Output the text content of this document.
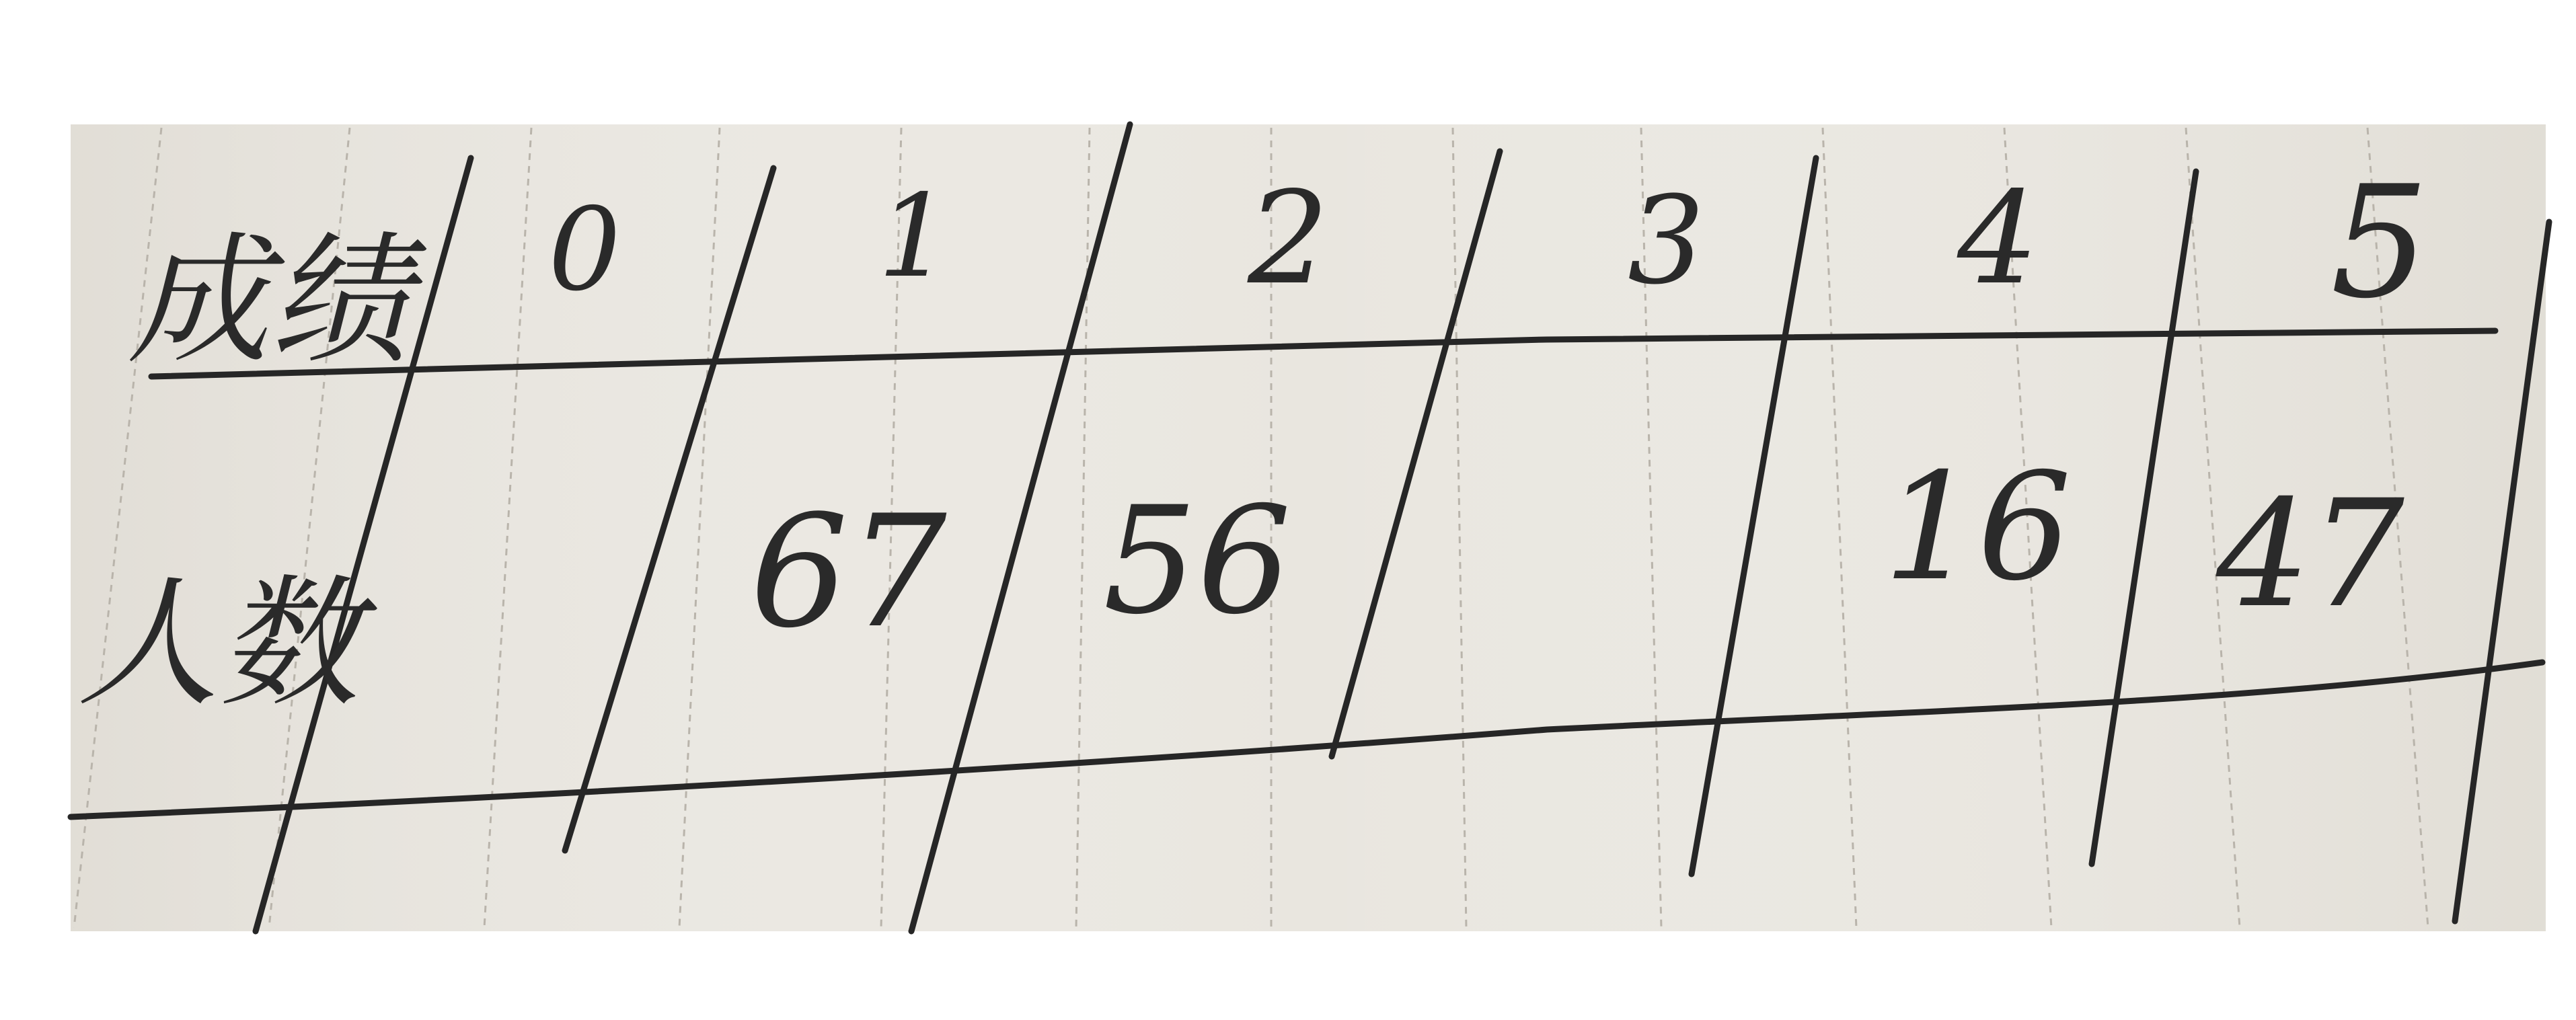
成绩
人数
0 1 2 3 4 5
67 56	16 47
